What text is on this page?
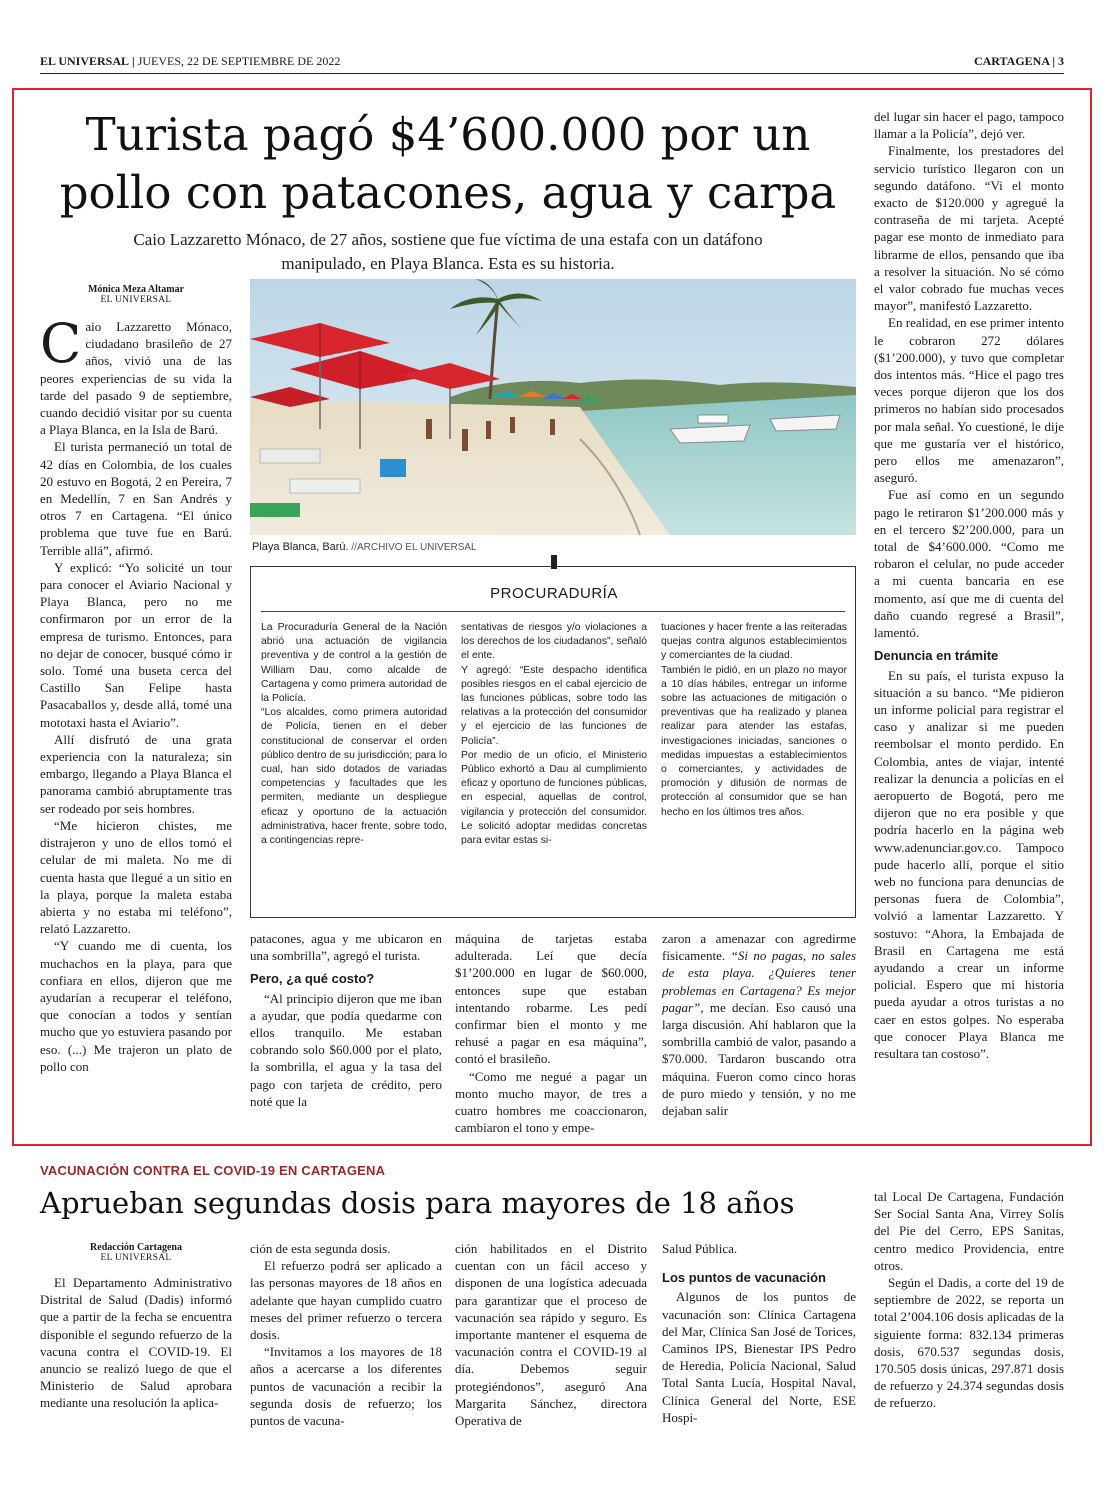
EL UNIVERSAL | JUEVES, 22 DE SEPTIEMBRE DE 2022	CARTAGENA | 3
Turista pagó $4’600.000 por un
pollo con patacones, agua y carpa
Caio Lazzaretto Mónaco, de 27 años, sostiene que fue víctima de una estafa con un datáfono
manipulado, en Playa Blanca. Esta es su historia.
Mónica Meza Altamar
EL UNIVERSAL
Playa Blanca, Barú. //ARCHIVO EL UNIVERSAL

Caio Lazzaretto Mónaco, ciudadano brasileño de 27 años, vivió una de las peores experiencias de su vida la tarde del pasado 9 de septiembre, cuando decidió visitar por su cuenta a Playa Blanca, en la Isla de Barú.

El turista permaneció un total de 42 días en Colombia, de los cuales 20 estuvo en Bogotá, 2 en Pereira, 7 en Medellín, 7 en San Andrés y otros 7 en Cartagena. “El único problema que tuve fue en Barú. Terrible allá”, afirmó.

Y explicó: “Yo solicité un tour para conocer el Aviario Nacional y Playa Blanca, pero no me confirmaron por un error de la empresa de turismo. Entonces, para no dejar de conocer, busqué cómo ir solo. Tomé una buseta cerca del Castillo San Felipe hasta Pasacaballos y, desde allá, tomé una mototaxi hasta el Aviario”.

Allí disfrutó de una grata experiencia con la naturaleza; sin embargo, llegando a Playa Blanca el panorama cambió abruptamente tras ser rodeado por seis hombres.

“Me hicieron chistes, me distrajeron y uno de ellos tomó el celular de mi maleta. No me di cuenta hasta que llegué a un sitio en la playa, porque la maleta estaba abierta y no estaba mi teléfono”, relató Lazzaretto.

“Y cuando me di cuenta, los muchachos en la playa, para que confiara en ellos, dijeron que me ayudarían a recuperar el teléfono, que conocían a todos y sentían mucho que yo estuviera pasando por eso. (...) Me trajeron un plato de pollo con

PROCURADURÍA

La Procuraduría General de la Nación abrió una actuación de vigilancia preventiva y de control a la gestión de William Dau, como alcalde de Cartagena y como primera autoridad de la Policía.

“Los alcaldes, como primera autoridad de Policía, tienen en el deber constitucional de conservar el orden público dentro de su jurisdicción; para lo cual, han sido dotados de variadas competencias y facultades que les permiten, mediante un despliegue eficaz y oportuno de la actuación administrativa, hacer frente, sobre todo, a contingencias repre-

sentativas de riesgos y/o violaciones a los derechos de los ciudadanos”, señaló el ente.

Y agregó: “Este despacho identifica posibles riesgos en el cabal ejercicio de las funciones públicas, sobre todo las relativas a la protección del consumidor y el ejercicio de las funciones de Policía”.

Por medio de un oficio, el Ministerio Público exhortó a Dau al cumplimiento eficaz y oportuno de funciones públicas, en especial, aquellas de control, vigilancia y protección del consumidor. Le solicitó adoptar medidas concretas para evitar estas si-

tuaciones y hacer frente a las reiteradas quejas contra algunos establecimientos y comerciantes de la ciudad.

También le pidió, en un plazo no mayor a 10 días hábiles, entregar un informe sobre las actuaciones de mitigación o preventivas que ha realizado y planea realizar para atender las estafas, investigaciones iniciadas, sanciones o medidas impuestas a establecimientos o comerciantes, y actividades de promoción y difusión de normas de protección al consumidor que se han hecho en los últimos tres años.

patacones, agua y me ubicaron en una sombrilla”, agregó el turista.

Pero, ¿a qué costo?

“Al principio dijeron que me iban a ayudar, que podía quedarme con ellos tranquilo. Me estaban cobrando solo $60.000 por el plato, la sombrilla, el agua y la tasa del pago con tarjeta de crédito, pero noté que la

máquina de tarjetas estaba adulterada. Leí que decía $1’200.000 en lugar de $60.000, entonces supe que estaban intentando robarme. Les pedí confirmar bien el monto y me rehusé a pagar en esa máquina”, contó el brasileño.

“Como me negué a pagar un monto mucho mayor, de tres a cuatro hombres me coaccionaron, cambiaron el tono y empe-

zaron a amenazar con agredirme físicamente. “Si no pagas, no sales de esta playa. ¿Quieres tener problemas en Cartagena? Es mejor pagar”, me decían. Eso causó una larga discusión. Ahí hablaron que la sombrilla cambió de valor, pasando a $70.000. Tardaron buscando otra máquina. Fueron como cinco horas de puro miedo y tensión, y no me dejaban salir

del lugar sin hacer el pago, tampoco llamar a la Policía”, dejó ver.

Finalmente, los prestadores del servicio turístico llegaron con un segundo datáfono. “Vi el monto exacto de $120.000 y agregué la contraseña de mi tarjeta. Acepté pagar ese monto de inmediato para librarme de ellos, pensando que iba a resolver la situación. No sé cómo el valor cobrado fue muchas veces mayor”, manifestó Lazzaretto.

En realidad, en ese primer intento le cobraron 272 dólares ($1’200.000), y tuvo que completar dos intentos más. “Hice el pago tres veces porque dijeron que los dos primeros no habían sido procesados por mala señal. Yo cuestioné, le dije que me gustaría ver el histórico, pero ellos me amenazaron”, aseguró.

Fue así como en un segundo pago le retiraron $1’200.000 más y en el tercero $2’200.000, para un total de $4’600.000. “Como me robaron el celular, no pude acceder a mi cuenta bancaria en ese momento, así que me di cuenta del daño cuando regresé a Brasil”, lamentó.

Denuncia en trámite

En su país, el turista expuso la situación a su banco. “Me pidieron un informe policial para registrar el caso y analizar si me pueden reembolsar el monto perdido. En Colombia, antes de viajar, intenté realizar la denuncia a policías en el aeropuerto de Bogotá, pero me dijeron que no era posible y que podría hacerlo en la página web www.adenunciar.gov.co. Tampoco pude hacerlo allí, porque el sitio web no funciona para denuncias de personas fuera de Colombia”, volvió a lamentar Lazzaretto. Y sostuvo: “Ahora, la Embajada de Brasil en Cartagena me está ayudando a crear un informe policial. Espero que mi historia pueda ayudar a otros turistas a no caer en estos golpes. No esperaba que conocer Playa Blanca me resultara tan costoso”.

VACUNACIÓN CONTRA EL COVID-19 EN CARTAGENA
Aprueban segundas dosis para mayores de 18 años
Redacción Cartagena
EL UNIVERSAL

El Departamento Administrativo Distrital de Salud (Dadis) informó que a partir de la fecha se encuentra disponible el segundo refuerzo de la vacuna contra el COVID-19. El anuncio se realizó luego de que el Ministerio de Salud aprobara mediante una resolución la aplica-

ción de esta segunda dosis.

El refuerzo podrá ser aplicado a las personas mayores de 18 años en adelante que hayan cumplido cuatro meses del primer refuerzo o tercera dosis.

“Invitamos a los mayores de 18 años a acercarse a los diferentes puntos de vacunación a recibir la segunda dosis de refuerzo; los puntos de vacuna-

ción habilitados en el Distrito cuentan con un fácil acceso y disponen de una logística adecuada para garantizar que el proceso de vacunación sea rápido y seguro. Es importante mantener el esquema de vacunación contra el COVID-19 al día. Debemos seguir protegiéndonos”, aseguró Ana Margarita Sánchez, directora Operativa de

Salud Pública.

Los puntos de vacunación

Algunos de los puntos de vacunación son: Clínica Cartagena del Mar, Clínica San José de Torices, Caminos IPS, Bienestar IPS Pedro de Heredia, Policía Nacional, Salud Total Santa Lucía, Hospital Naval, Clínica General del Norte, ESE Hospi-

tal Local De Cartagena, Fundación Ser Social Santa Ana, Virrey Solís del Pie del Cerro, EPS Sanitas, centro medico Providencia, entre otros.

Según el Dadis, a corte del 19 de septiembre de 2022, se reporta un total 2’004.106 dosis aplicadas de la siguiente forma: 832.134 primeras dosis, 670.537 segundas dosis, 170.505 dosis únicas, 297.871 dosis de refuerzo y 24.374 segundas dosis de refuerzo.
